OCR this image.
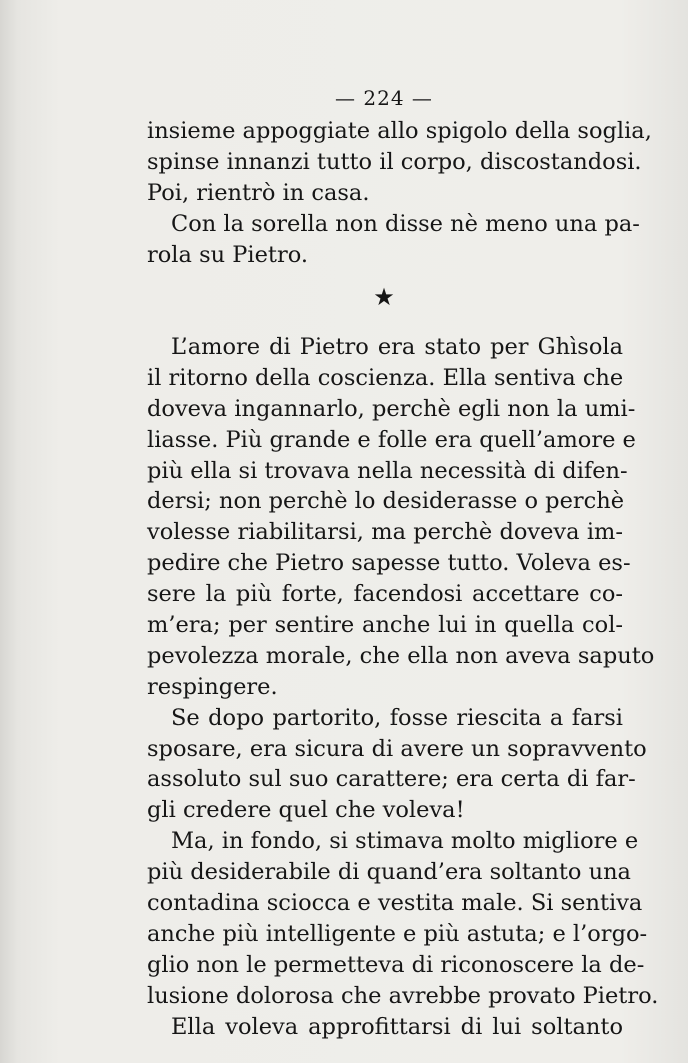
— 224 —
insieme appoggiate allo spigolo della soglia,
spinse innanzi tutto il corpo, discostandosi.
Poi, rientrò in casa.
Con la sorella non disse nè meno una pa-
rola su Pietro.
★
L’amore di Pietro era stato per Ghìsola
il ritorno della coscienza. Ella sentiva che
doveva ingannarlo, perchè egli non la umi-
liasse. Più grande e folle era quell’amore e
più ella si trovava nella necessità di difen-
dersi; non perchè lo desiderasse o perchè
volesse riabilitarsi, ma perchè doveva im-
pedire che Pietro sapesse tutto. Voleva es-
sere la più forte, facendosi accettare co-
m’era; per sentire anche lui in quella col-
pevolezza morale, che ella non aveva saputo
respingere.
Se dopo partorito, fosse riescita a farsi
sposare, era sicura di avere un sopravvento
assoluto sul suo carattere; era certa di far-
gli credere quel che voleva!
Ma, in fondo, si stimava molto migliore e
più desiderabile di quand’era soltanto una
contadina sciocca e vestita male. Si sentiva
anche più intelligente e più astuta; e l’orgo-
glio non le permetteva di riconoscere la de-
lusione dolorosa che avrebbe provato Pietro.
Ella voleva approfittarsi di lui soltanto
